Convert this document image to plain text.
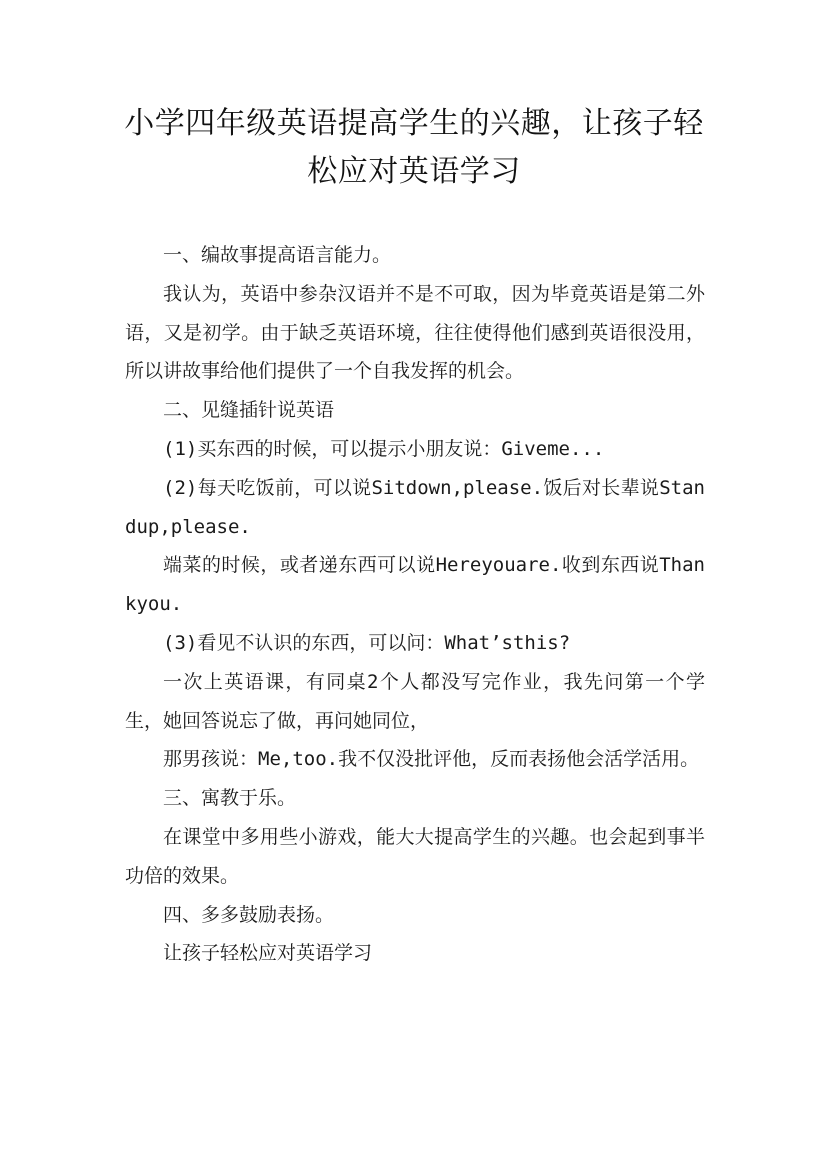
小学四年级英语提高学生的兴趣，让孩子轻
松应对英语学习

一、编故事提高语言能力。

我认为，英语中参杂汉语并不是不可取，因为毕竟英语是第二外语，又是初学。由于缺乏英语环境，往往使得他们感到英语很没用，所以讲故事给他们提供了一个自我发挥的机会。

二、见缝插针说英语

(1)买东西的时候，可以提示小朋友说：Giveme...

(2)每天吃饭前，可以说Sitdown,please.饭后对长辈说Standup,please.

端菜的时候，或者递东西可以说Hereyouare.收到东西说Thankyou.

(3)看见不认识的东西，可以问：What’sthis?

一次上英语课，有同桌2个人都没写完作业，我先问第一个学生，她回答说忘了做，再问她同位，

那男孩说：Me,too.我不仅没批评他，反而表扬他会活学活用。

三、寓教于乐。

在课堂中多用些小游戏，能大大提高学生的兴趣。也会起到事半功倍的效果。

四、多多鼓励表扬。

让孩子轻松应对英语学习
